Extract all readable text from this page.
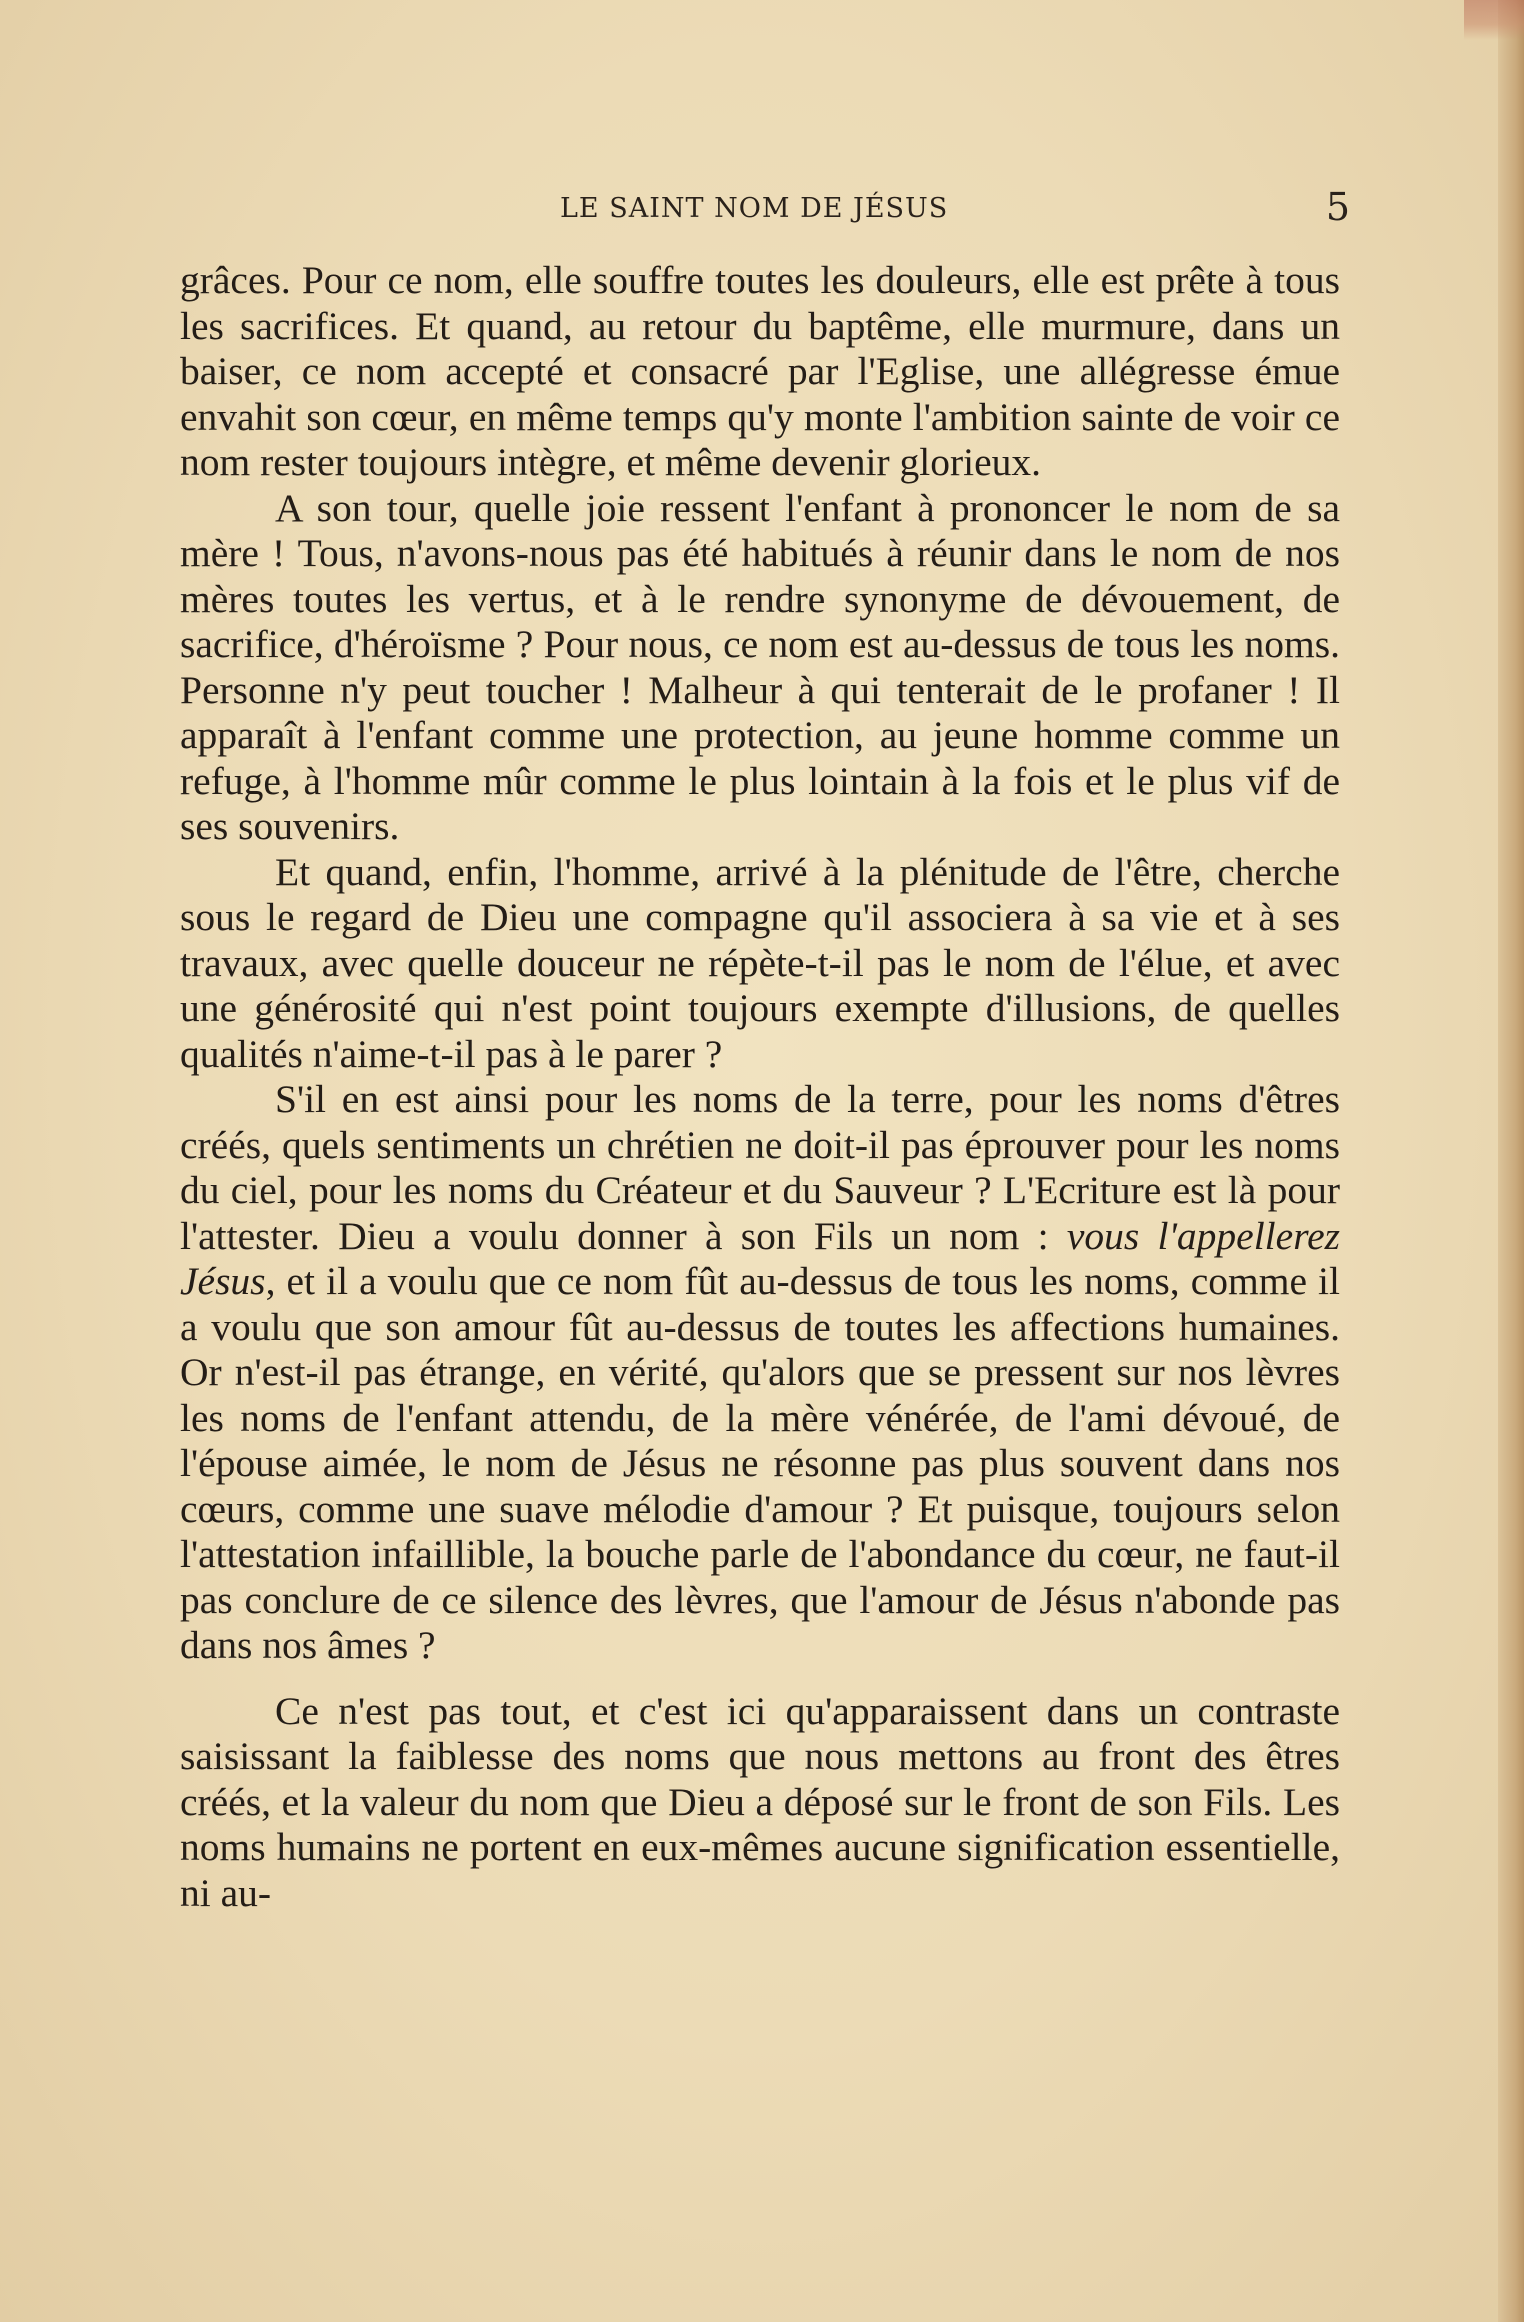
LE SAINT NOM DE JÉSUS	5

grâces. Pour ce nom, elle souffre toutes les douleurs, elle est prête à tous les sacrifices. Et quand, au retour du baptême, elle murmure, dans un baiser, ce nom accepté et consacré par l'Eglise, une allégresse émue envahit son cœur, en même temps qu'y monte l'ambition sainte de voir ce nom rester toujours intègre, et même devenir glorieux.

A son tour, quelle joie ressent l'enfant à prononcer le nom de sa mère ! Tous, n'avons-nous pas été habitués à réunir dans le nom de nos mères toutes les vertus, et à le rendre synonyme de dévouement, de sacrifice, d'héroïsme ? Pour nous, ce nom est au-dessus de tous les noms. Personne n'y peut toucher ! Malheur à qui tenterait de le profaner ! Il apparaît à l'enfant comme une protection, au jeune homme comme un refuge, à l'homme mûr comme le plus lointain à la fois et le plus vif de ses souvenirs.

Et quand, enfin, l'homme, arrivé à la plénitude de l'être, cherche sous le regard de Dieu une compagne qu'il associera à sa vie et à ses travaux, avec quelle douceur ne répète-t-il pas le nom de l'élue, et avec une générosité qui n'est point toujours exempte d'illusions, de quelles qualités n'aime-t-il pas à le parer ?

S'il en est ainsi pour les noms de la terre, pour les noms d'êtres créés, quels sentiments un chrétien ne doit-il pas éprouver pour les noms du ciel, pour les noms du Créateur et du Sauveur ? L'Ecriture est là pour l'attester. Dieu a voulu donner à son Fils un nom : vous l'appellerez Jésus, et il a voulu que ce nom fût au-dessus de tous les noms, comme il a voulu que son amour fût au-dessus de toutes les affections humaines. Or n'est-il pas étrange, en vérité, qu'alors que se pressent sur nos lèvres les noms de l'enfant attendu, de la mère vénérée, de l'ami dévoué, de l'épouse aimée, le nom de Jésus ne résonne pas plus souvent dans nos cœurs, comme une suave mélodie d'amour ? Et puisque, toujours selon l'attestation infaillible, la bouche parle de l'abondance du cœur, ne faut-il pas conclure de ce silence des lèvres, que l'amour de Jésus n'abonde pas dans nos âmes ?

Ce n'est pas tout, et c'est ici qu'apparaissent dans un contraste saisissant la faiblesse des noms que nous mettons au front des êtres créés, et la valeur du nom que Dieu a déposé sur le front de son Fils. Les noms humains ne portent en eux-mêmes aucune signification essentielle, ni au-
